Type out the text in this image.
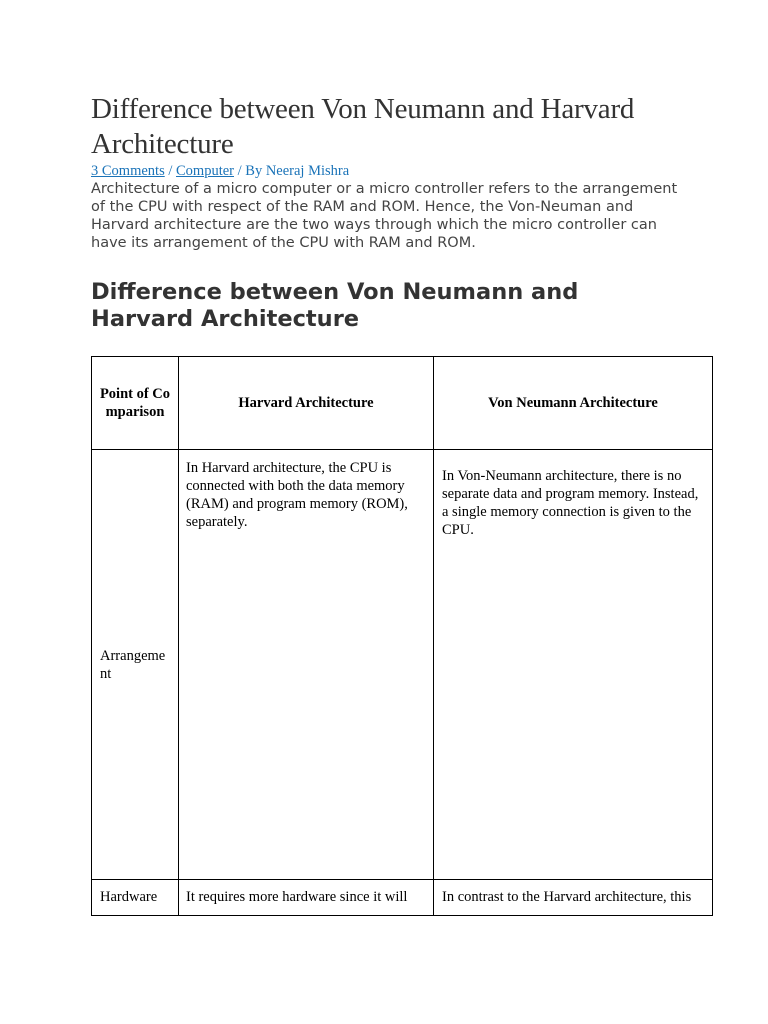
Difference between Von Neumann and Harvard Architecture
3 Comments / Computer / By Neeraj Mishra

Architecture of a micro computer or a micro controller refers to the arrangement of the CPU with respect of the RAM and ROM. Hence, the Von-Neuman and Harvard architecture are the two ways through which the micro controller can have its arrangement of the CPU with RAM and ROM.

Difference between Von Neumann and Harvard Architecture
Point of Comparison	Harvard Architecture	Von Neumann Architecture
Arrangement	In Harvard architecture, the CPU is connected with both the data memory (RAM) and program memory (ROM), separately.	In Von-Neumann architecture, there is no separate data and program memory. Instead, a single memory connection is given to the CPU.
Hardware	It requires more hardware since it will	In contrast to the Harvard architecture, this
